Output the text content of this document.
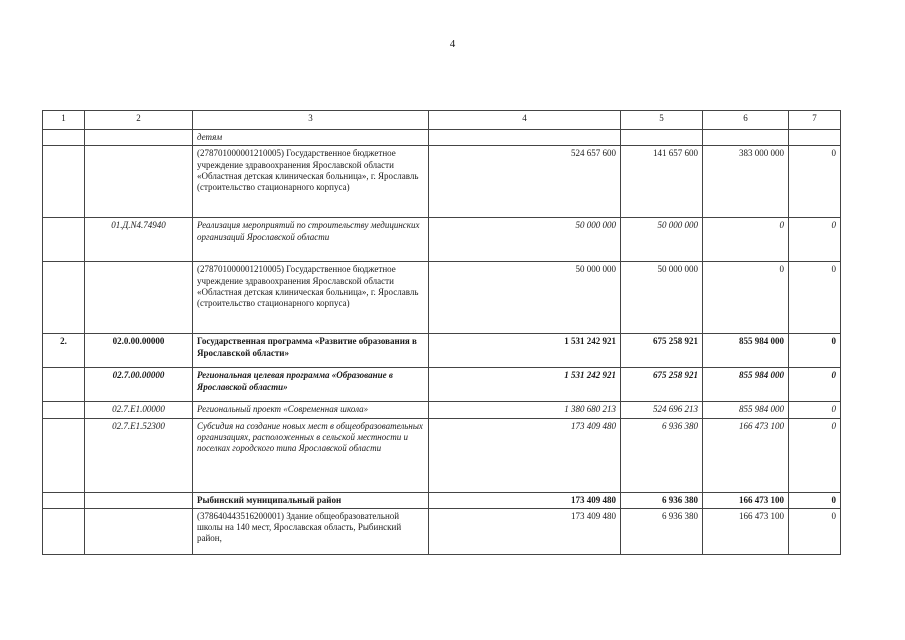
4
1	2	3	4	5	6	7
		детям				
		(278701000001210005) Государственное бюджетное учреждение здравоохранения Ярославской области «Областная детская клиническая больница», г. Ярославль (строительство стационарного корпуса)	524 657 600	141 657 600	383 000 000	0
	01.Д.N4.74940	Реализация мероприятий по строительству медицинских организаций Ярославской области	50 000 000	50 000 000	0	0
		(278701000001210005) Государственное бюджетное учреждение здравоохранения Ярославской области «Областная детская клиническая больница», г. Ярославль (строительство стационарного корпуса)	50 000 000	50 000 000	0	0
2.	02.0.00.00000	Государственная программа «Развитие образования в Ярославской области»	1 531 242 921	675 258 921	855 984 000	0
	02.7.00.00000	Региональная целевая программа «Образование в Ярославской области»	1 531 242 921	675 258 921	855 984 000	0
	02.7.E1.00000	Региональный проект «Современная школа»	1 380 680 213	524 696 213	855 984 000	0
	02.7.E1.52300	Субсидия на создание новых мест в общеобразовательных организациях, расположенных в сельской местности и поселках городского типа Ярославской области	173 409 480	6 936 380	166 473 100	0
		Рыбинский муниципальный район	173 409 480	6 936 380	166 473 100	0
		(378640443516200001) Здание общеобразовательной школы на 140 мест, Ярославская область, Рыбинский район,	173 409 480	6 936 380	166 473 100	0
